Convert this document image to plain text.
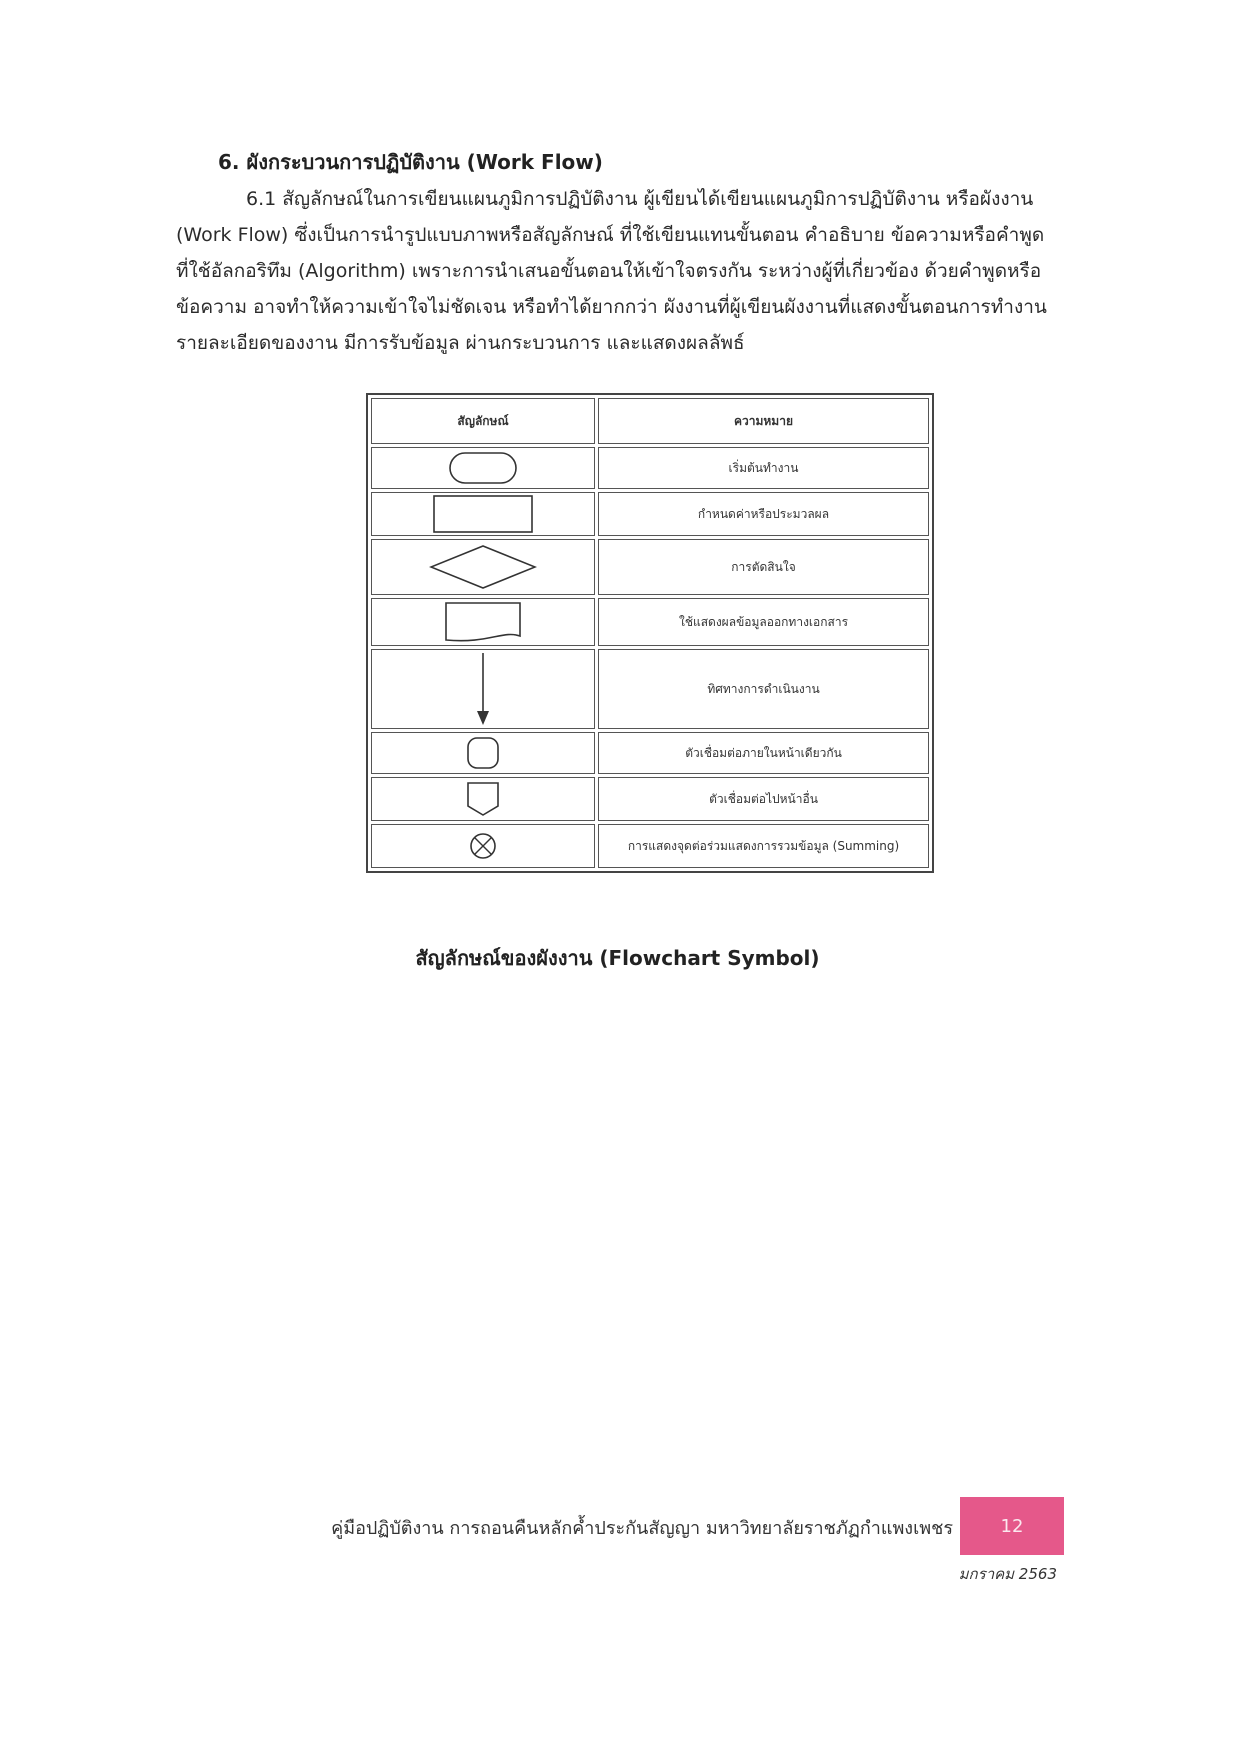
6. ผังกระบวนการปฏิบัติงาน (Work Flow)
6.1 สัญลักษณ์ในการเขียนแผนภูมิการปฏิบัติงาน ผู้เขียนได้เขียนแผนภูมิการปฏิบัติงาน หรือผังงาน
(Work Flow) ซึ่งเป็นการนำรูปแบบภาพหรือสัญลักษณ์ ที่ใช้เขียนแทนขั้นตอน คำอธิบาย ข้อความหรือคำพูด
ที่ใช้อัลกอริทึม (Algorithm) เพราะการนำเสนอขั้นตอนให้เข้าใจตรงกัน ระหว่างผู้ที่เกี่ยวข้อง ด้วยคำพูดหรือ
ข้อความ อาจทำให้ความเข้าใจไม่ชัดเจน หรือทำได้ยากกว่า ผังงานที่ผู้เขียนผังงานที่แสดงขั้นตอนการทำงาน
รายละเอียดของงาน มีการรับข้อมูล ผ่านกระบวนการ และแสดงผลลัพธ์
สัญลักษณ์	ความหมาย

	เริ่มต้นทำงาน

	กำหนดค่าหรือประมวลผล

	การตัดสินใจ

	ใช้แสดงผลข้อมูลออกทางเอกสาร

	ทิศทางการดำเนินงาน

	ตัวเชื่อมต่อภายในหน้าเดียวกัน

	ตัวเชื่อมต่อไปหน้าอื่น

	การแสดงจุดต่อร่วมแสดงการรวมข้อมูล (Summing)
สัญลักษณ์ของผังงาน (Flowchart Symbol)
คู่มือปฏิบัติงาน การถอนคืนหลักค้ำประกันสัญญา มหาวิทยาลัยราชภัฏกำแพงเพชร	12
มกราคม 2563
